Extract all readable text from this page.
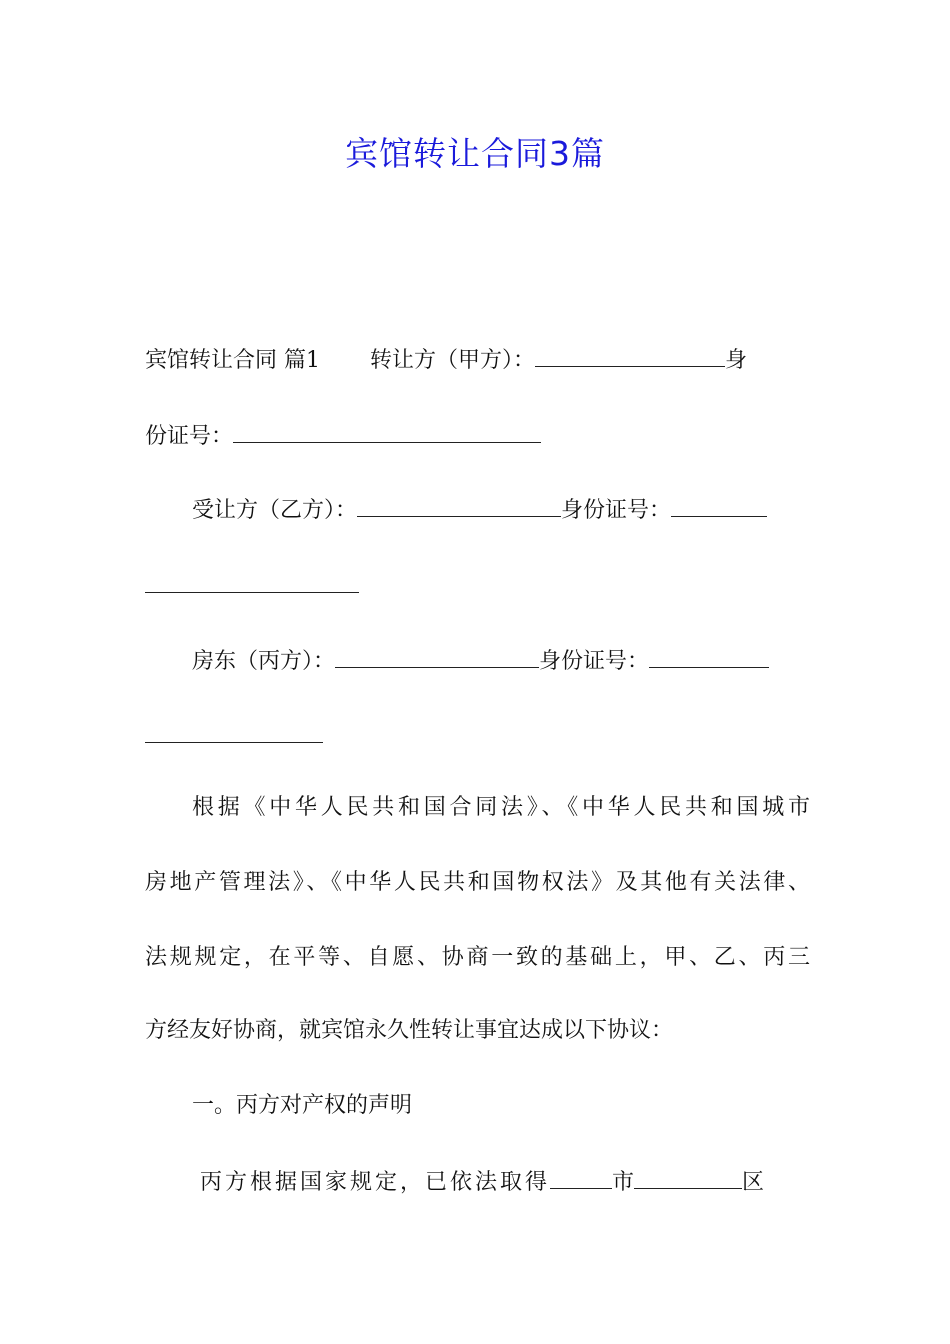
宾馆转让合同3篇
宾馆转让合同 篇1 转让方（甲方）：	身
份证号：
受让方（乙方）：	身份证号：
房东（丙方）：	身份证号：
根据《中华人民共和国合同法》、《中华人民共和国城市
房地产管理法》、《中华人民共和国物权法》及其他有关法律、
法规规定，在平等、自愿、协商一致的基础上，甲、乙、丙三
方经友好协商，就宾馆永久性转让事宜达成以下协议：
一。丙方对产权的声明
丙方根据国家规定，已依法取得	市	区
